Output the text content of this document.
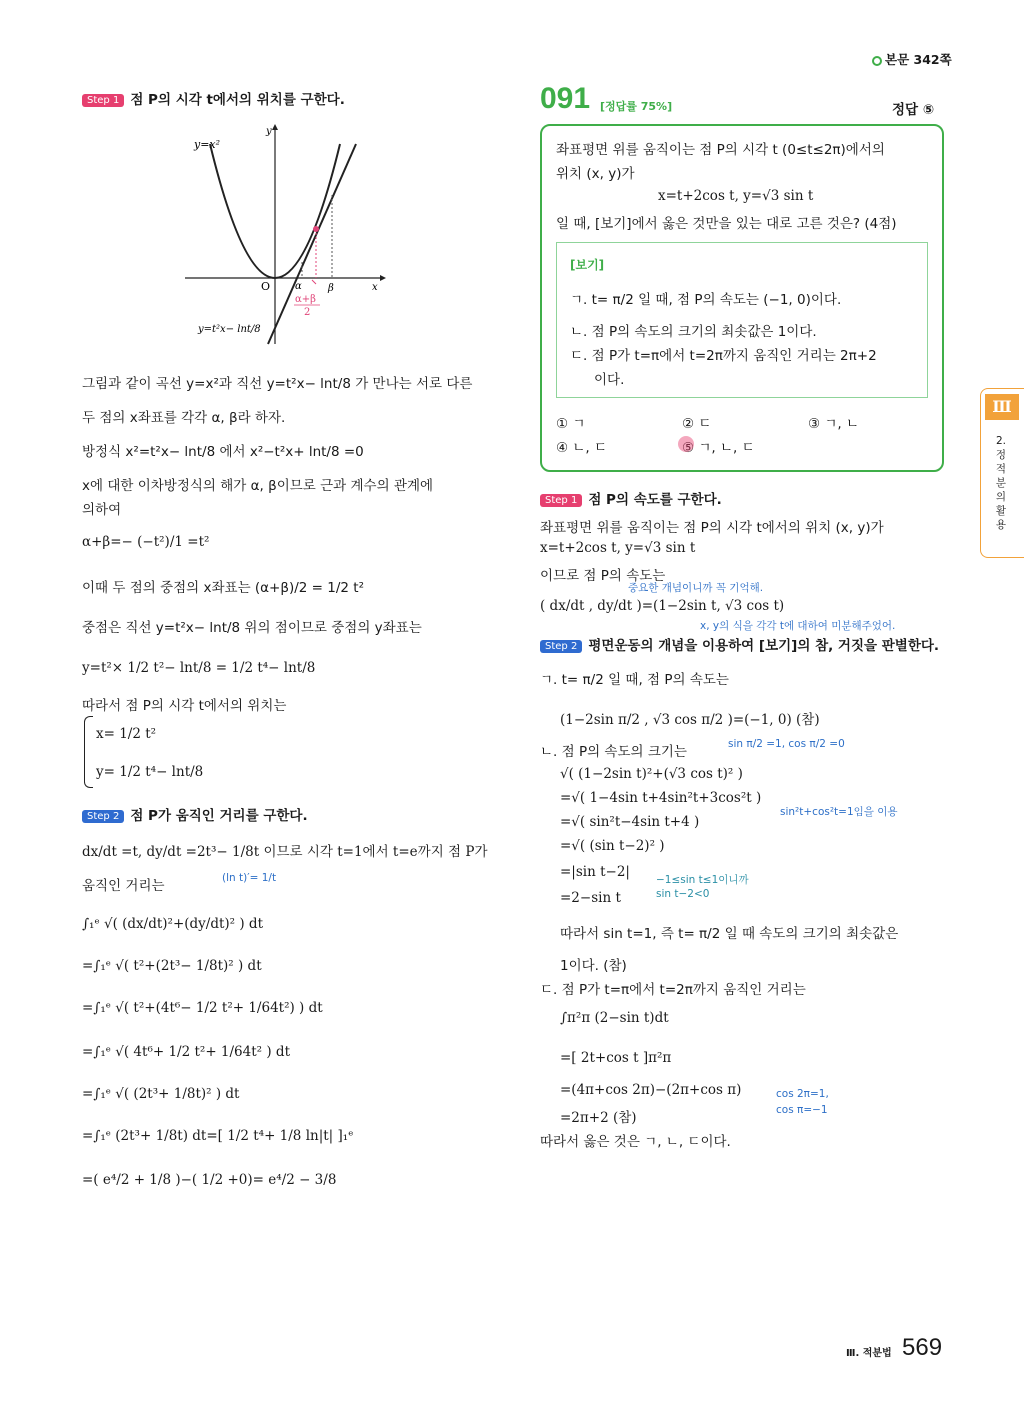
본문 342쪽
Step 1 점 P의 시각 t에서의 위치를 구한다.
y=x²
y
x
O α	β
α+β
2
y=t²x− lnt/8
그림과 같이 곡선 y=x²과 직선 y=t²x− lnt/8 가 만나는 서로 다른
두 점의 x좌표를 각각 α, β라 하자.
방정식 x²=t²x− lnt/8 에서 x²−t²x+ lnt/8 =0
x에 대한 이차방정식의 해가 α, β이므로 근과 계수의 관계에
의하여
α+β=− (−t²)/1 =t²
이때 두 점의 중점의 x좌표는 (α+β)/2 = 1/2 t²
중점은 직선 y=t²x− lnt/8 위의 점이므로 중점의 y좌표는
y=t²× 1/2 t²− lnt/8 = 1/2 t⁴− lnt/8
따라서 점 P의 시각 t에서의 위치는
x= 1/2 t²
y= 1/2 t⁴− lnt/8
Step 2 점 P가 움직인 거리를 구한다.
dx/dt =t, dy/dt =2t³− 1/8t 이므로 시각 t=1에서 t=e까지 점 P가
움직인 거리는	(ln t)′= 1/t
∫₁ᵉ √( (dx/dt)²+(dy/dt)² ) dt
=∫₁ᵉ √( t²+(2t³− 1/8t)² ) dt
=∫₁ᵉ √( t²+(4t⁶− 1/2 t²+ 1/64t²) ) dt
=∫₁ᵉ √( 4t⁶+ 1/2 t²+ 1/64t² ) dt
=∫₁ᵉ √( (2t³+ 1/8t)² ) dt
=∫₁ᵉ (2t³+ 1/8t) dt=[ 1/2 t⁴+ 1/8 ln|t| ]₁ᵉ
=( e⁴/2 + 1/8 )−( 1/2 +0)= e⁴/2 − 3/8
091 [정답률 75%]	정답 ⑤
좌표평면 위를 움직이는 점 P의 시각 t (0≤t≤2π)에서의
위치 (x, y)가
x=t+2cos t, y=√3 sin t
일 때, [보기]에서 옳은 것만을 있는 대로 고른 것은? (4점)
[보기]
ㄱ. t= π/2 일 때, 점 P의 속도는 (−1, 0)이다.
ㄴ. 점 P의 속도의 크기의 최솟값은 1이다.
ㄷ. 점 P가 t=π에서 t=2π까지 움직인 거리는 2π+2
이다.
① ㄱ	② ㄷ	③ ㄱ, ㄴ
④ ㄴ, ㄷ	⑤ ㄱ, ㄴ, ㄷ
Step 1 점 P의 속도를 구한다.
좌표평면 위를 움직이는 점 P의 시각 t에서의 위치 (x, y)가
x=t+2cos t, y=√3 sin t
이므로 점 P의 속도는
중요한 개념이니까 꼭 기억해.
( dx/dt , dy/dt )=(1−2sin t, √3 cos t)
x, y의 식을 각각 t에 대하여 미분해주었어.
Step 2 평면운동의 개념을 이용하여 [보기]의 참, 거짓을 판별한다.
ㄱ. t= π/2 일 때, 점 P의 속도는
(1−2sin π/2 , √3 cos π/2 )=(−1, 0) (참)
ㄴ. 점 P의 속도의 크기는	sin π/2 =1, cos π/2 =0
√( (1−2sin t)²+(√3 cos t)² )
=√( 1−4sin t+4sin²t+3cos²t )
sin²t+cos²t=1임을 이용
=√( sin²t−4sin t+4 )
=√( (sin t−2)² )
=|sin t−2| −1≤sin t≤1이니까
=2−sin t	sin t−2<0
따라서 sin t=1, 즉 t= π/2 일 때 속도의 크기의 최솟값은
1이다. (참)
ㄷ. 점 P가 t=π에서 t=2π까지 움직인 거리는
∫π²π (2−sin t)dt
=[ 2t+cos t ]π²π
=(4π+cos 2π)−(2π+cos π)	cos 2π=1,
=2π+2 (참)	cos π=−1
따라서 옳은 것은 ㄱ, ㄴ, ㄷ이다.
Ⅲ
2. 정적분의 활용
Ⅲ. 적분법 569
